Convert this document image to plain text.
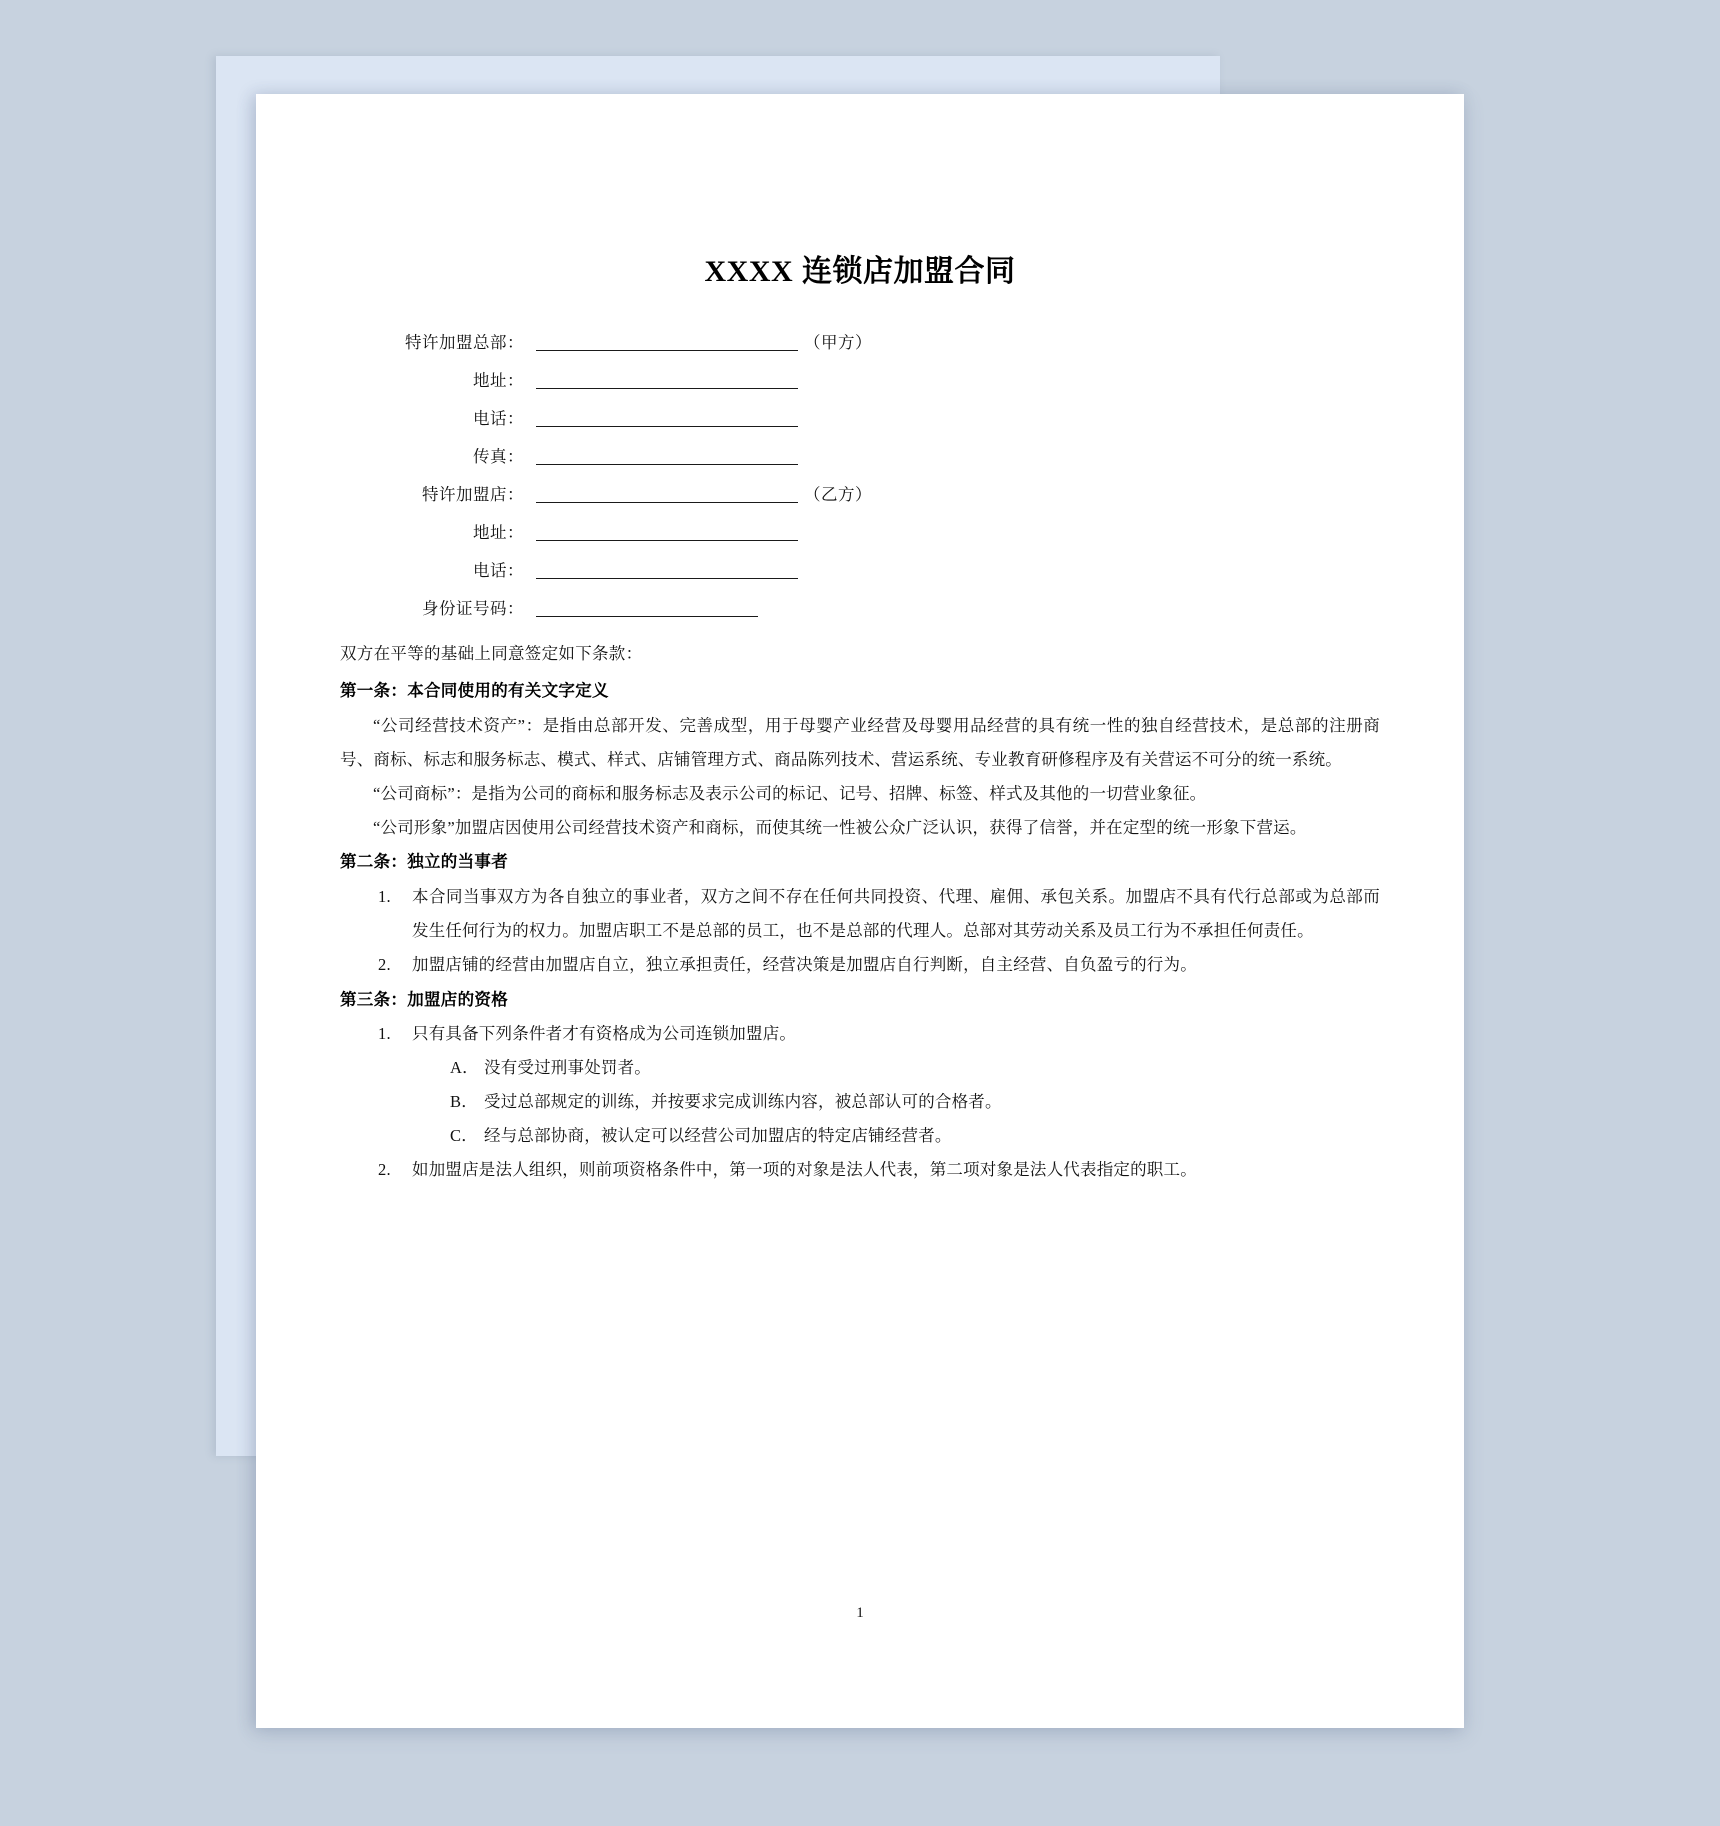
XXXX 连锁店加盟合同
特许加盟总部：	（甲方）
地址：
电话：
传真：
特许加盟店：	（乙方）
地址：
电话：
身份证号码：

双方在平等的基础上同意签定如下条款：

第一条：本合同使用的有关文字定义

“公司经营技术资产”：是指由总部开发、完善成型，用于母婴产业经营及母婴用品经营的具有统一性的独自经营技术，是总部的注册商号、商标、标志和服务标志、模式、样式、店铺管理方式、商品陈列技术、营运系统、专业教育研修程序及有关营运不可分的统一系统。

“公司商标”：是指为公司的商标和服务标志及表示公司的标记、记号、招牌、标签、样式及其他的一切营业象征。

“公司形象”加盟店因使用公司经营技术资产和商标，而使其统一性被公众广泛认识，获得了信誉，并在定型的统一形象下营运。

第二条：独立的当事者
1.	本合同当事双方为各自独立的事业者，双方之间不存在任何共同投资、代理、雇佣、承包关系。加盟店不具有代行总部或为总部而发生任何行为的权力。加盟店职工不是总部的员工，也不是总部的代理人。总部对其劳动关系及员工行为不承担任何责任。
2.	加盟店铺的经营由加盟店自立，独立承担责任，经营决策是加盟店自行判断，自主经营、自负盈亏的行为。
第三条：加盟店的资格
1.	只有具备下列条件者才有资格成为公司连锁加盟店。
A． 没有受过刑事处罚者。
B． 受过总部规定的训练，并按要求完成训练内容，被总部认可的合格者。
C． 经与总部协商，被认定可以经营公司加盟店的特定店铺经营者。
2.	如加盟店是法人组织，则前项资格条件中，第一项的对象是法人代表，第二项对象是法人代表指定的职工。
1
